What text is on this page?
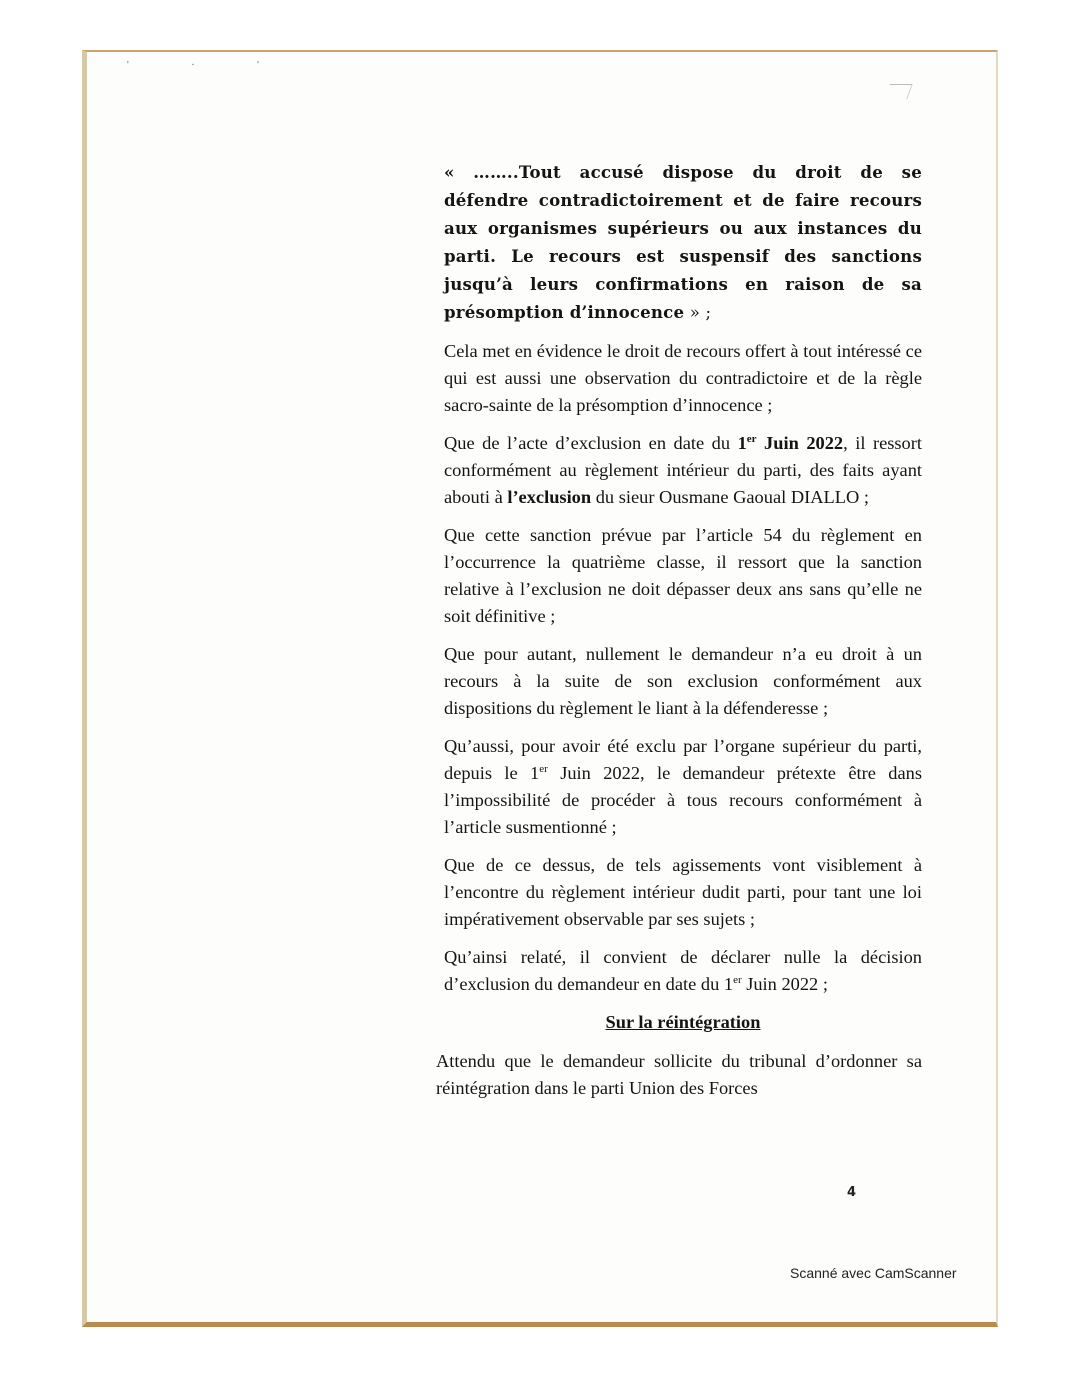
' · '

« ……..Tout accusé dispose du droit de se défendre contradictoirement et de faire recours aux organismes supérieurs ou aux instances du parti. Le recours est suspensif des sanctions jusqu’à leurs confirmations en raison de sa présomption d’innocence » ;

Cela met en évidence le droit de recours offert à tout intéressé ce qui est aussi une observation du contradictoire et de la règle sacro-sainte de la présomption d’innocence ;

Que de l’acte d’exclusion en date du 1er Juin 2022, il ressort conformément au règlement intérieur du parti, des faits ayant abouti à l’exclusion du sieur Ousmane Gaoual DIALLO ;

Que cette sanction prévue par l’article 54 du règlement en l’occurrence la quatrième classe, il ressort que la sanction relative à l’exclusion ne doit dépasser deux ans sans qu’elle ne soit définitive ;

Que pour autant, nullement le demandeur n’a eu droit à un recours à la suite de son exclusion conformément aux dispositions du règlement le liant à la défenderesse ;

Qu’aussi, pour avoir été exclu par l’organe supérieur du parti, depuis le 1er Juin 2022, le demandeur prétexte être dans l’impossibilité de procéder à tous recours conformément à l’article susmentionné ;

Que de ce dessus, de tels agissements vont visiblement à l’encontre du règlement intérieur dudit parti, pour tant une loi impérativement observable par ses sujets ;

Qu’ainsi relaté, il convient de déclarer nulle la décision d’exclusion du demandeur en date du 1er Juin 2022 ;

Sur la réintégration

Attendu que le demandeur sollicite du tribunal d’ordonner sa réintégration dans le parti Union des Forces

4
Scanné avec CamScanner
